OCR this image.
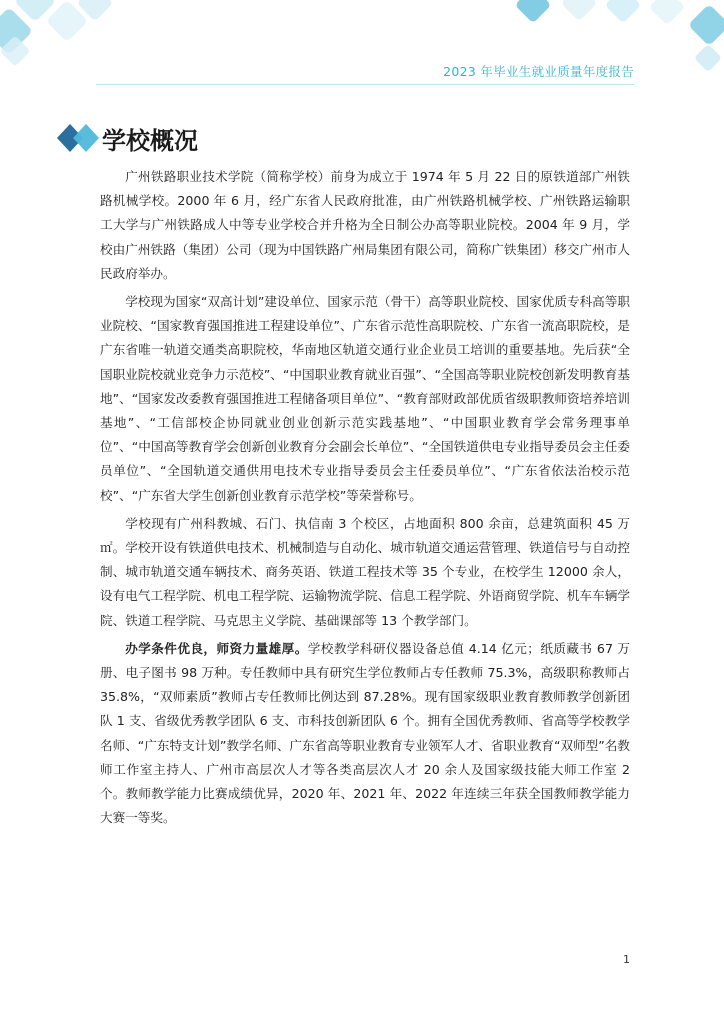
2023 年毕业生就业质量年度报告
学校概况

广州铁路职业技术学院（简称学校）前身为成立于 1974 年 5 月 22 日的原铁道部广州铁路机械学校。2000 年 6 月，经广东省人民政府批准，由广州铁路机械学校、广州铁路运输职工大学与广州铁路成人中等专业学校合并升格为全日制公办高等职业院校。2004 年 9 月，学校由广州铁路（集团）公司（现为中国铁路广州局集团有限公司，简称广铁集团）移交广州市人民政府举办。

学校现为国家“双高计划”建设单位、国家示范（骨干）高等职业院校、国家优质专科高等职业院校、“国家教育强国推进工程建设单位”、广东省示范性高职院校、广东省一流高职院校，是广东省唯一轨道交通类高职院校，华南地区轨道交通行业企业员工培训的重要基地。先后获“全国职业院校就业竞争力示范校”、“中国职业教育就业百强”、“全国高等职业院校创新发明教育基地”、“国家发改委教育强国推进工程储备项目单位”、“教育部财政部优质省级职教师资培养培训基地”、“工信部校企协同就业创业创新示范实践基地”、“中国职业教育学会常务理事单位”、“中国高等教育学会创新创业教育分会副会长单位”、“全国铁道供电专业指导委员会主任委员单位”、“全国轨道交通供用电技术专业指导委员会主任委员单位”、“广东省依法治校示范校”、“广东省大学生创新创业教育示范学校”等荣誉称号。

学校现有广州科教城、石门、执信南 3 个校区，占地面积 800 余亩，总建筑面积 45 万㎡。学校开设有铁道供电技术、机械制造与自动化、城市轨道交通运营管理、铁道信号与自动控制、城市轨道交通车辆技术、商务英语、铁道工程技术等 35 个专业，在校学生 12000 余人，设有电气工程学院、机电工程学院、运输物流学院、信息工程学院、外语商贸学院、机车车辆学院、铁道工程学院、马克思主义学院、基础课部等 13 个教学部门。

办学条件优良，师资力量雄厚。学校教学科研仪器设备总值 4.14 亿元；纸质藏书 67 万册、电子图书 98 万种。专任教师中具有研究生学位教师占专任教师 75.3%，高级职称教师占 35.8%，“双师素质”教师占专任教师比例达到 87.28%。现有国家级职业教育教师教学创新团队 1 支、省级优秀教学团队 6 支、市科技创新团队 6 个。拥有全国优秀教师、省高等学校教学名师、“广东特支计划”教学名师、广东省高等职业教育专业领军人才、省职业教育“双师型”名教师工作室主持人、广州市高层次人才等各类高层次人才 20 余人及国家级技能大师工作室 2 个。教师教学能力比赛成绩优异，2020 年、2021 年、2022 年连续三年获全国教师教学能力大赛一等奖。

1
